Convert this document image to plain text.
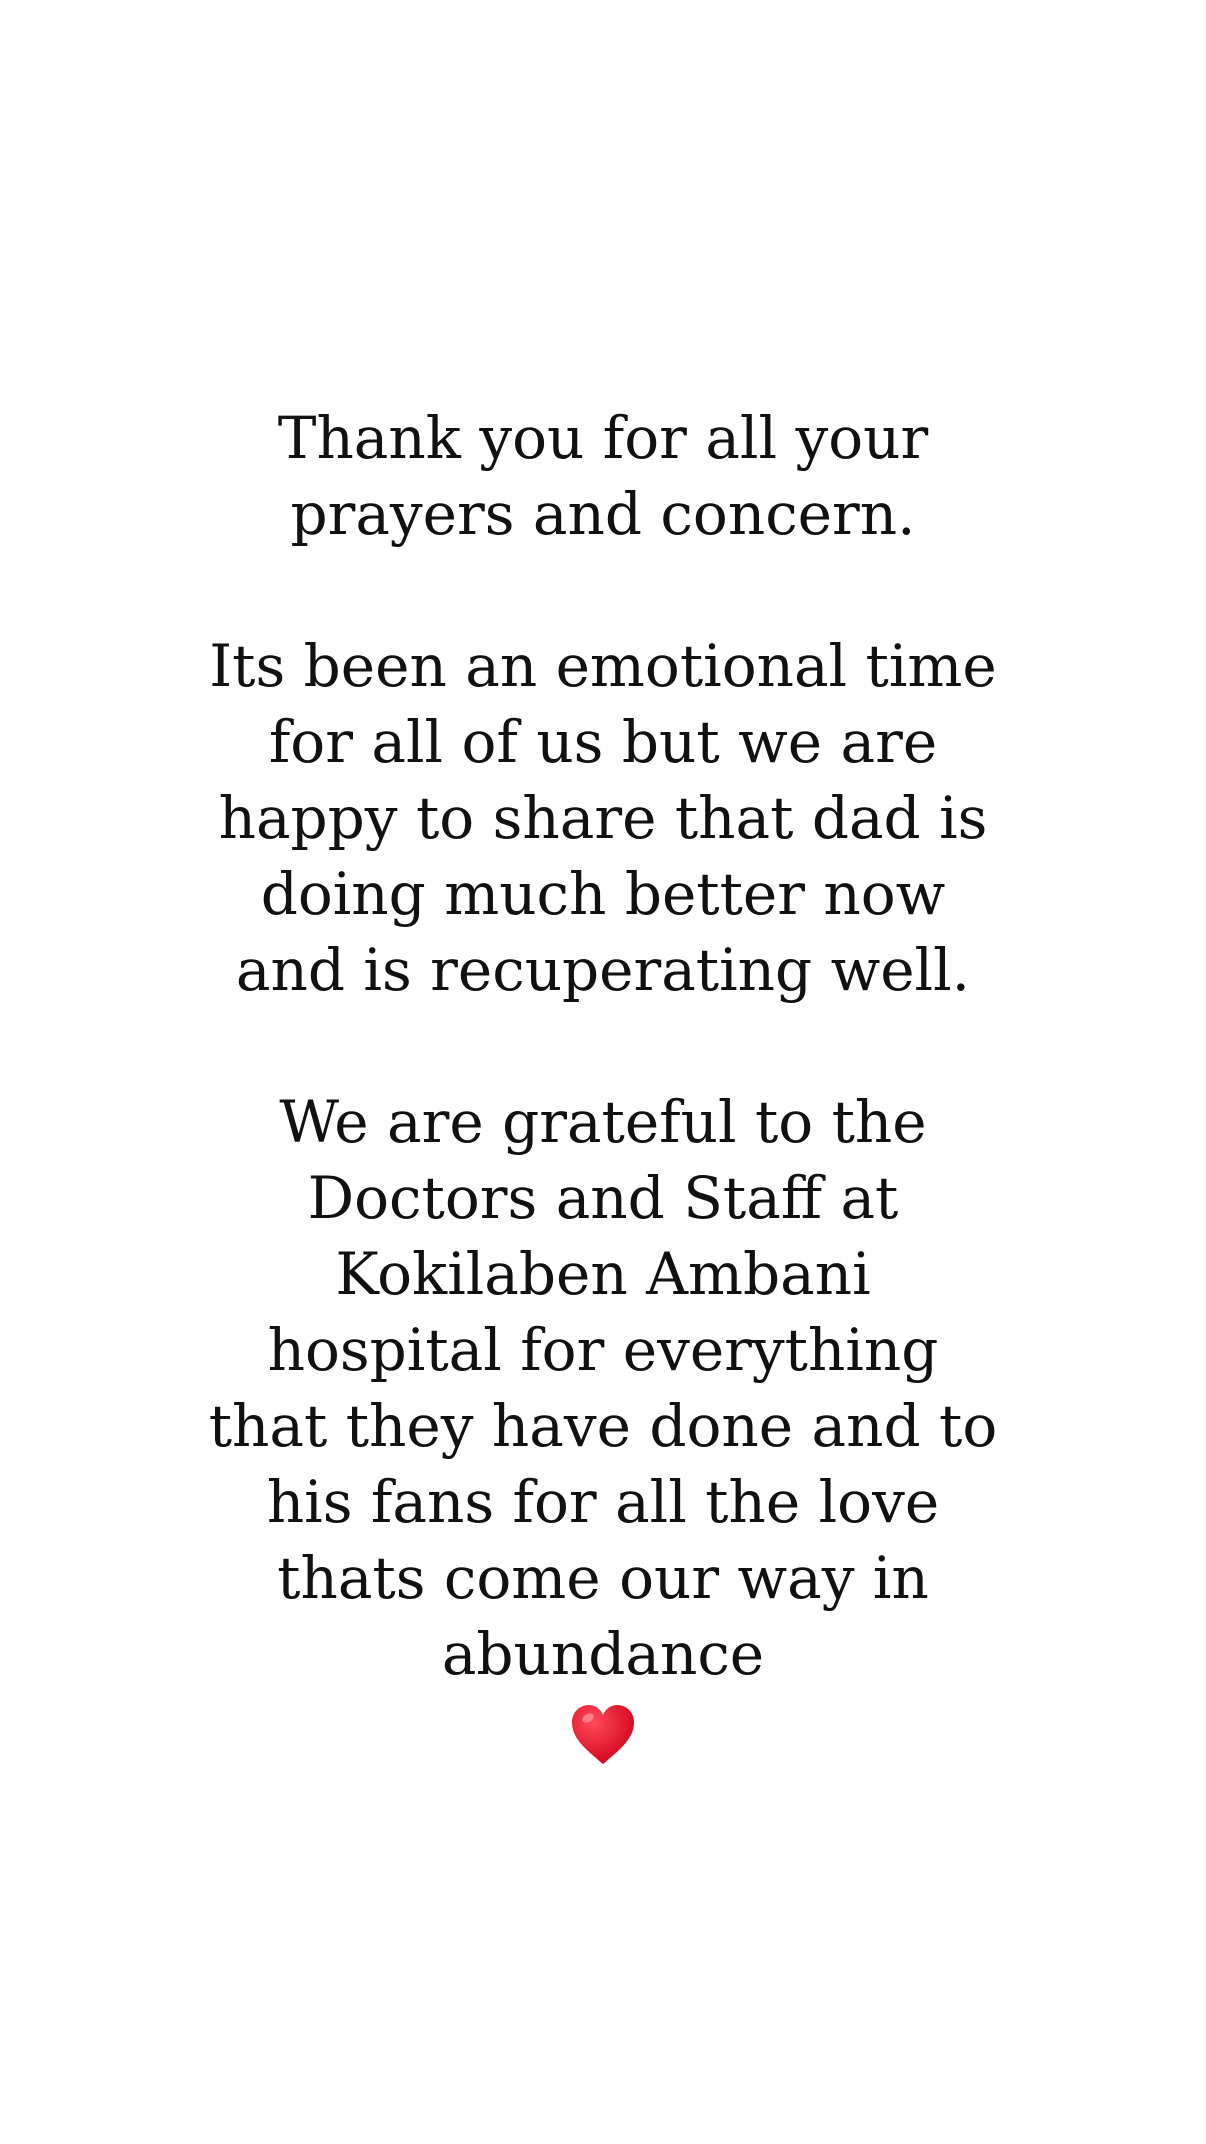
Thank you for all your
prayers and concern.
Its been an emotional time
for all of us but we are
happy to share that dad is
doing much better now
and is recuperating well.
We are grateful to the
Doctors and Staff at
Kokilaben Ambani
hospital for everything
that they have done and to
his fans for all the love
thats come our way in
abundance
